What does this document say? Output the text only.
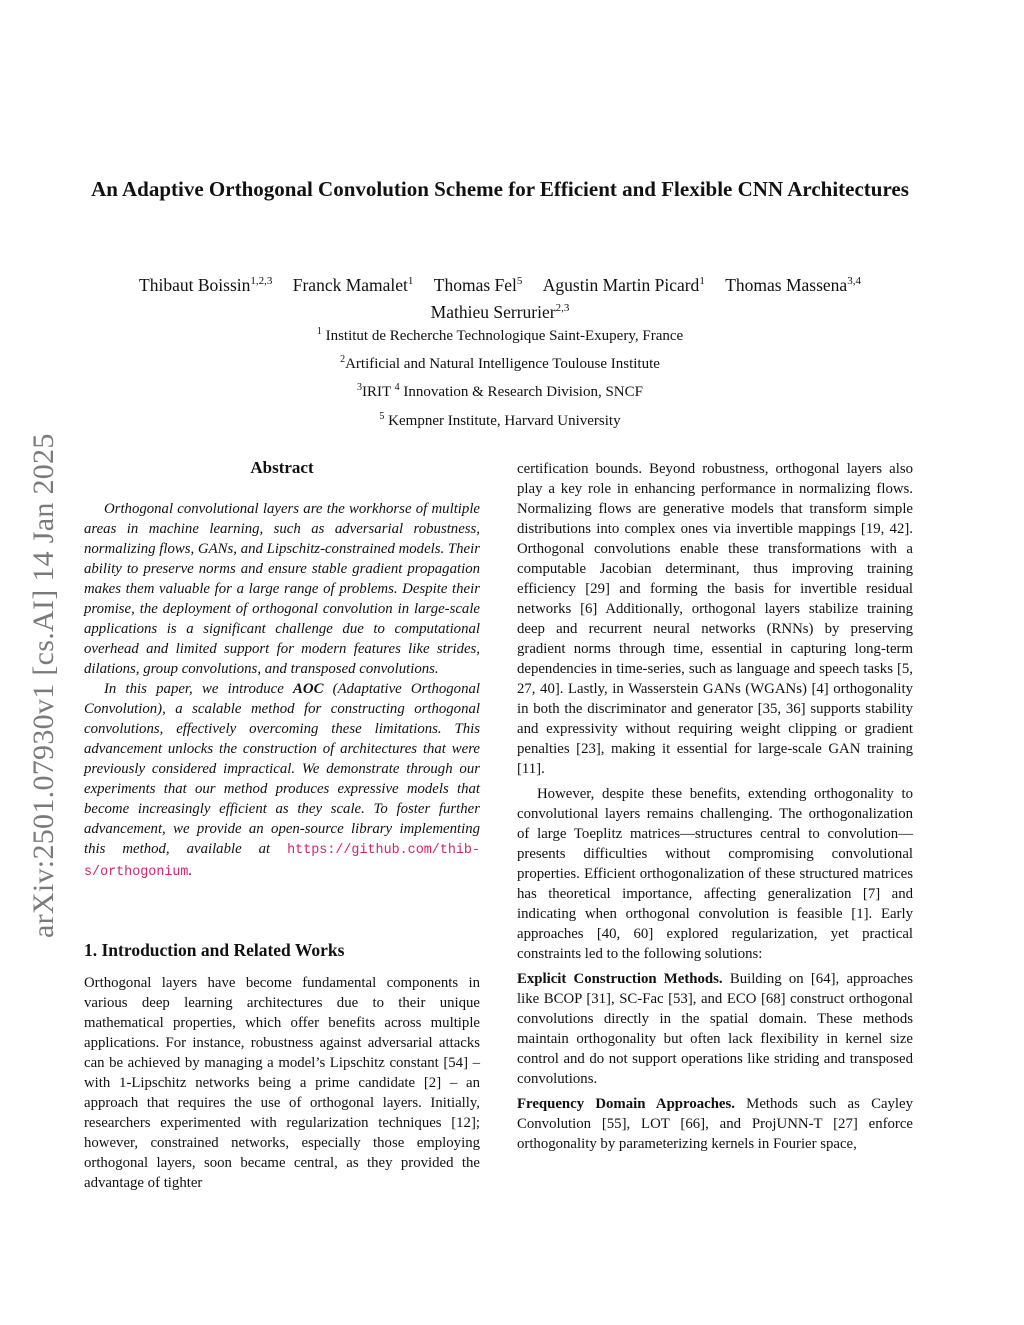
An Adaptive Orthogonal Convolution Scheme for Efficient and Flexible CNN Architectures
Thibaut Boissin$^{1,2,3}$ Franck Mamalet$^1$ Thomas Fel$^5$ Agustin Martin Picard$^1$ Thomas Massena$^{3,4}$
Mathieu Serrurier$^{2,3}$
$^1$ Institut de Recherche Technologique Saint-Exupery, France
$^2$Artificial and Natural Intelligence Toulouse Institute
$^3$IRIT $^4$ Innovation & Research Division, SNCF
$^5$ Kempner Institute, Harvard University
arXiv:2501.07930v1 [cs.AI] 14 Jan 2025	Abstract

Orthogonal convolutional layers are the workhorse of multiple areas in machine learning, such as adversarial robustness, normalizing flows, GANs, and Lipschitz-constrained models. Their ability to preserve norms and ensure stable gradient propagation makes them valuable for a large range of problems. Despite their promise, the deployment of orthogonal convolution in large-scale applications is a significant challenge due to computational overhead and limited support for modern features like strides, dilations, group convolutions, and transposed convolutions.

In this paper, we introduce AOC (Adaptative Orthogonal Convolution), a scalable method for constructing orthogonal convolutions, effectively overcoming these limitations. This advancement unlocks the construction of architectures that were previously considered impractical. We demonstrate through our experiments that our method produces expressive models that become increasingly efficient as they scale. To foster further advancement, we provide an open-source library implementing this method, available at https://github.com/thib-s/orthogonium.

1. Introduction and Related Works

Orthogonal layers have become fundamental components in various deep learning architectures due to their unique mathematical properties, which offer benefits across multiple applications. For instance, robustness against adversarial attacks can be achieved by managing a model’s Lipschitz constant [54] – with 1-Lipschitz networks being a prime candidate [2] – an approach that requires the use of orthogonal layers. Initially, researchers experimented with regularization techniques [12]; however, constrained networks, especially those employing orthogonal layers, soon became central, as they provided the advantage of tighter

certification bounds. Beyond robustness, orthogonal layers also play a key role in enhancing performance in normalizing flows. Normalizing flows are generative models that transform simple distributions into complex ones via invertible mappings [19, 42]. Orthogonal convolutions enable these transformations with a computable Jacobian determinant, thus improving training efficiency [29] and forming the basis for invertible residual networks [6] Additionally, orthogonal layers stabilize training deep and recurrent neural networks (RNNs) by preserving gradient norms through time, essential in capturing long-term dependencies in time-series, such as language and speech tasks [5, 27, 40]. Lastly, in Wasserstein GANs (WGANs) [4] orthogonality in both the discriminator and generator [35, 36] supports stability and expressivity without requiring weight clipping or gradient penalties [23], making it essential for large-scale GAN training [11].

However, despite these benefits, extending orthogonality to convolutional layers remains challenging. The orthogonalization of large Toeplitz matrices—structures central to convolution—presents difficulties without compromising convolutional properties. Efficient orthogonalization of these structured matrices has theoretical importance, affecting generalization [7] and indicating when orthogonal convolution is feasible [1]. Early approaches [40, 60] explored regularization, yet practical constraints led to the following solutions:

Explicit Construction Methods. Building on [64], approaches like BCOP [31], SC-Fac [53], and ECO [68] construct orthogonal convolutions directly in the spatial domain. These methods maintain orthogonality but often lack flexibility in kernel size control and do not support operations like striding and transposed convolutions.

Frequency Domain Approaches. Methods such as Cayley Convolution [55], LOT [66], and ProjUNN-T [27] enforce orthogonality by parameterizing kernels in Fourier space,
